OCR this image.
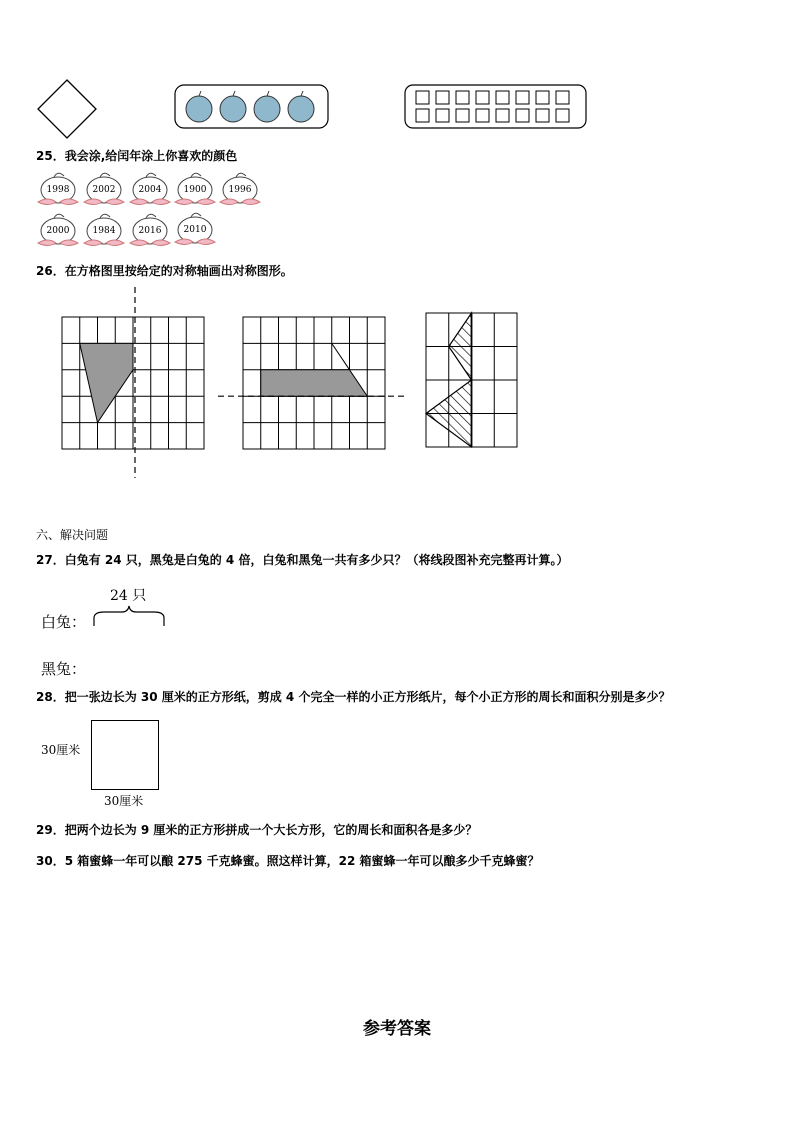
25．我会涂,给闰年涂上你喜欢的颜色
1998	2002	2004	1900	1996
2000	1984	2016	2010
26．在方格图里按给定的对称轴画出对称图形。
六、解决问题
27．白兔有 24 只，黑兔是白兔的 4 倍，白兔和黑兔一共有多少只？（将线段图补充完整再计算。）
24 只
白兔：
黑兔：
28．把一张边长为 30 厘米的正方形纸，剪成 4 个完全一样的小正方形纸片，每个小正方形的周长和面积分别是多少？
30厘米
30厘米
29．把两个边长为 9 厘米的正方形拼成一个大长方形，它的周长和面积各是多少？
30．5 箱蜜蜂一年可以酿 275 千克蜂蜜。照这样计算，22 箱蜜蜂一年可以酿多少千克蜂蜜？
参考答案
